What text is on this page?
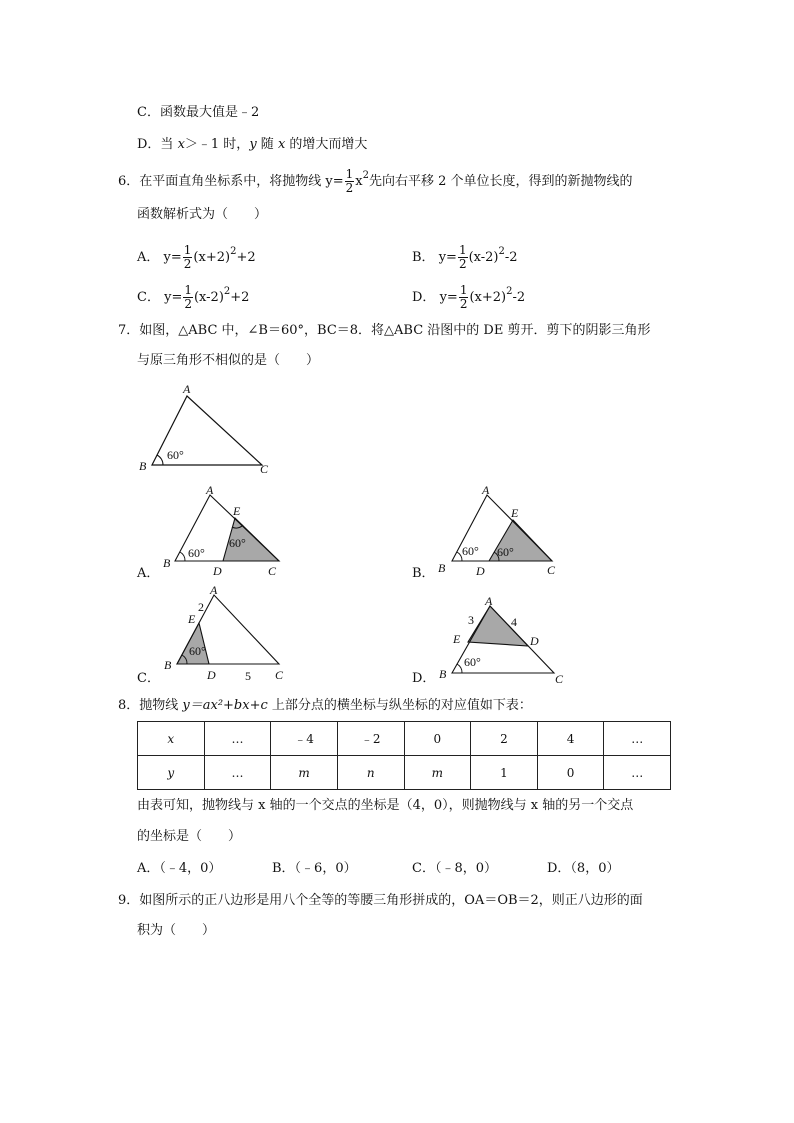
C．函数最大值是﹣2
D．当 x＞﹣1 时，y 随 x 的增大而增大
6．在平面直角坐标系中，将抛物线 $y= \frac{1}{2} x^2$先向右平移 2 个单位长度，得到的新抛物线的
函数解析式为（　　）
A． $y= \frac{1}{2} (x+2)^2+2$	B． $y= \frac{1}{2} (x-2)^2-2$
C． $y= \frac{1}{2} (x-2)^2+2$	D． $y= \frac{1}{2} (x+2)^2-2$
7．如图，△ABC 中，∠B＝60°，BC＝8．将△ABC 沿图中的 DE 剪开．剪下的阴影三角形
与原三角形不相似的是（　　）
A
B	C
60°
A．
A
E
B
D	C
60°
60°
B．
A
E
B	D	C
60° 60°
C．
A
2
E
B
D 5 C
60°
D．
A
3	4
E	D
B	C
60°
8．抛物线 y＝ax²+bx+c 上部分点的横坐标与纵坐标的对应值如下表：
x	…	﹣4	﹣2	0	2	4	…
y	…	m	n	m	1	0	…
由表可知，抛物线与 x 轴的一个交点的坐标是（4，0），则抛物线与 x 轴的另一个交点
的坐标是（　　）
A．（﹣4，0）	B．（﹣6，0）	C．（﹣8，0）	D．（8，0）
9．如图所示的正八边形是用八个全等的等腰三角形拼成的，OA＝OB＝2，则正八边形的面
积为（　　）
